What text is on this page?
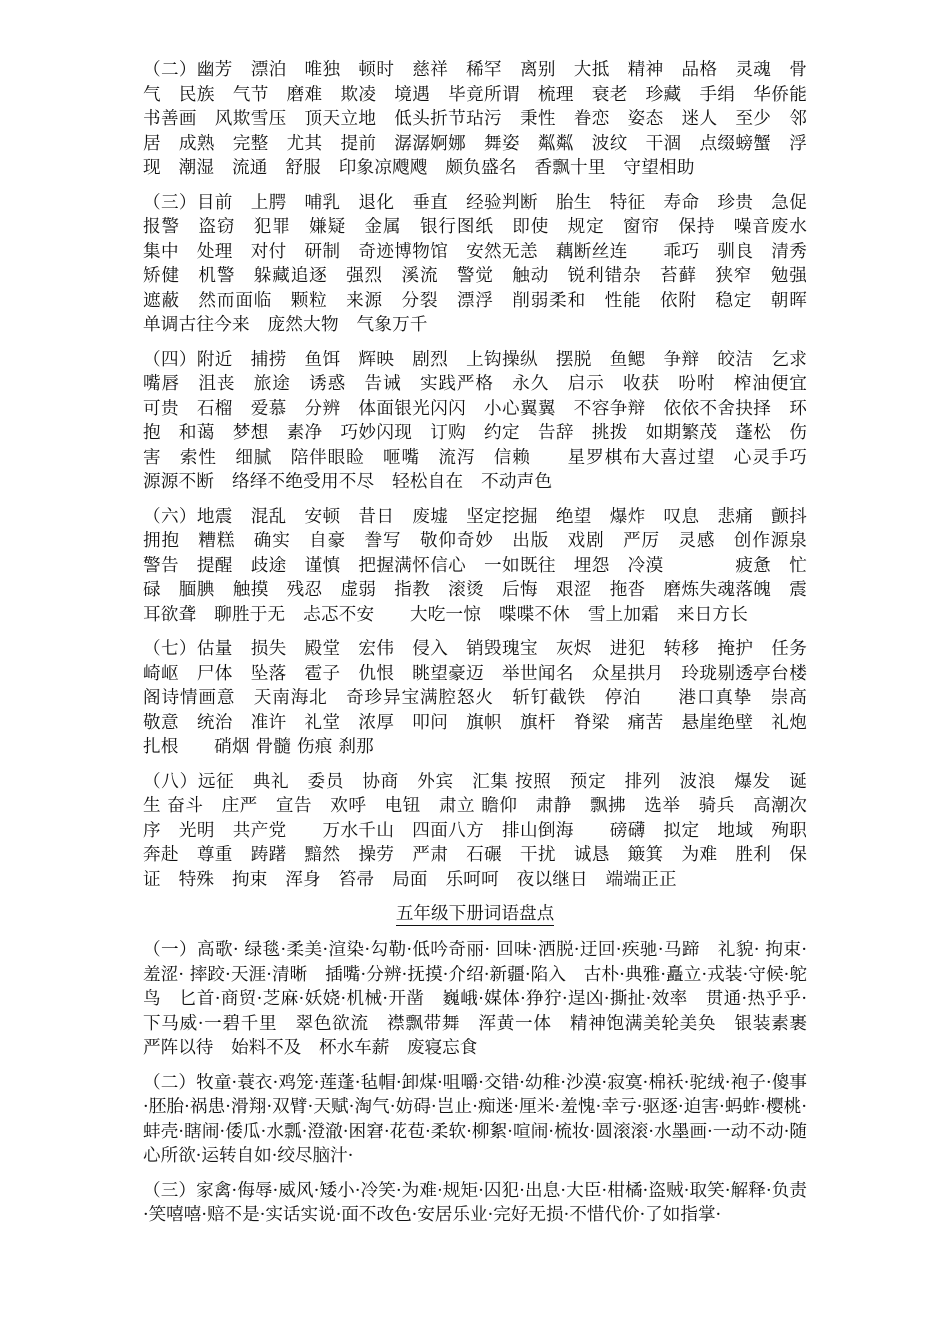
（二）幽芳　漂泊　唯独　顿时　慈祥　稀罕　离别　大抵　精神　品格　灵魂　骨气　民族　气节　磨难　欺凌　境遇　毕竟所谓　梳理　衰老　珍藏　手绢　华侨能书善画　风欺雪压　顶天立地　低头折节玷污　秉性　眷恋　姿态　迷人　至少　邻居　成熟　完整　尤其　提前　潺潺婀娜　舞姿　粼粼　波纹　干涸　点缀螃蟹　浮现　潮湿　流通　舒服　印象凉飕飕　颇负盛名　香飘十里　守望相助

（三）目前　上腭　哺乳　退化　垂直　经验判断　胎生　特征　寿命　珍贵　急促　报警　盗窃　犯罪　嫌疑　金属　银行图纸　即使　规定　窗帘　保持　噪音废水　集中　处理　对付　研制　奇迹博物馆　安然无恙　藕断丝连　　乖巧　驯良　清秀　矫健　机警　躲藏追逐　强烈　溪流　警觉　触动　锐利错杂　苔藓　狭窄　勉强　遮蔽　然而面临　颗粒　来源　分裂　漂浮　削弱柔和　性能　依附　稳定　朝晖　单调古往今来　庞然大物　气象万千

（四）附近　捕捞　鱼饵　辉映　剧烈　上钩操纵　摆脱　鱼鳃　争辩　皎洁　乞求　嘴唇　沮丧　旅途　诱惑　告诫　实践严格　永久　启示　收获　吩咐　榨油便宜　可贵　石榴　爱慕　分辨　体面银光闪闪　小心翼翼　不容争辩　依依不舍抉择　环抱　和蔼　梦想　素净　巧妙闪现　订购　约定　告辞　挑拨　如期繁茂　蓬松　伤害　索性　细腻　陪伴眼睑　咂嘴　流泻　信赖　　星罗棋布大喜过望　心灵手巧　源源不断　络绎不绝受用不尽　轻松自在　不动声色

（六）地震　混乱　安顿　昔日　废墟　坚定挖掘　绝望　爆炸　叹息　悲痛　颤抖　拥抱　糟糕　确实　自豪　誊写　敬仰奇妙　出版　戏剧　严厉　灵感　创作源泉　警告　提醒　歧途　谨慎　把握满怀信心　一如既往　埋怨　冷漠　　　　疲惫　忙碌　腼腆　触摸　残忍　虚弱　指教　滚烫　后悔　艰涩　拖沓　磨炼失魂落魄　震耳欲聋　聊胜于无　忐忑不安　　大吃一惊　喋喋不休　雪上加霜　来日方长

（七）估量　损失　殿堂　宏伟　侵入　销毁瑰宝　灰烬　进犯　转移　掩护　任务　崎岖　尸体　坠落　雹子　仇恨　眺望豪迈　举世闻名　众星拱月　玲珑剔透亭台楼阁诗情画意　天南海北　奇珍异宝满腔怒火　斩钉截铁　停泊　　港口真挚　崇高　敬意　统治　准许　礼堂　浓厚　叩问　旗帜　旗杆　脊梁　痛苦　悬崖绝壁　礼炮　扎根　　硝烟 骨髓 伤痕 刹那

（八）远征　典礼　委员　协商　外宾　汇集 按照　预定　排列　波浪　爆发　诞生 奋斗　庄严　宣告　欢呼　电钮　肃立 瞻仰　肃静　飘拂　选举　骑兵　高潮次序　光明　共产党　　万水千山　四面八方　排山倒海　　磅礴　拟定　地域　殉职　奔赴　尊重　踌躇　黯然　操劳　严肃　石碾　干扰　诚恳　簸箕　为难　胜利　保证　特殊　拘束　浑身　笞帚　局面　乐呵呵　夜以继日　端端正正

五年级下册词语盘点

（一）高歌· 绿毯·柔美·渲染·勾勒·低吟奇丽· 回味·洒脱·迂回·疾驰·马蹄　礼貌· 拘束·羞涩· 摔跤·天涯·清晰　插嘴·分辨·抚摸·介绍·新疆·陷入　古朴·典雅·矗立·戎装·守候·鸵鸟　匕首·商贸·芝麻·妖娆·机械·开凿　巍峨·媒体·狰狞·逞凶·撕扯·效率　贯通·热乎乎·下马威·一碧千里　翠色欲流　襟飘带舞　浑黄一体　精神饱满美轮美奂　银装素裹　严阵以待　始料不及　杯水车薪　废寝忘食

（二）牧童·蓑衣·鸡笼·莲蓬·毡帽·卸煤·咀嚼·交错·幼稚·沙漠·寂寞·棉袄·驼绒·袍子·傻事·胚胎·祸患·滑翔·双臂·天赋·淘气·妨碍·岂止·痴迷·厘米·羞愧·幸亏·驱逐·迫害·蚂蚱·樱桃·蚌壳·瞎闹·倭瓜·水瓢·澄澈·困窘·花苞·柔软·柳絮·喧闹·梳妆·圆滚滚·水墨画·一动不动·随心所欲·运转自如·绞尽脑汁·

（三）家禽·侮辱·威风·矮小·冷笑·为难·规矩·囚犯·出息·大臣·柑橘·盗贼·取笑·解释·负责·笑嘻嘻·赔不是·实话实说·面不改色·安居乐业·完好无损·不惜代价·了如指掌·
